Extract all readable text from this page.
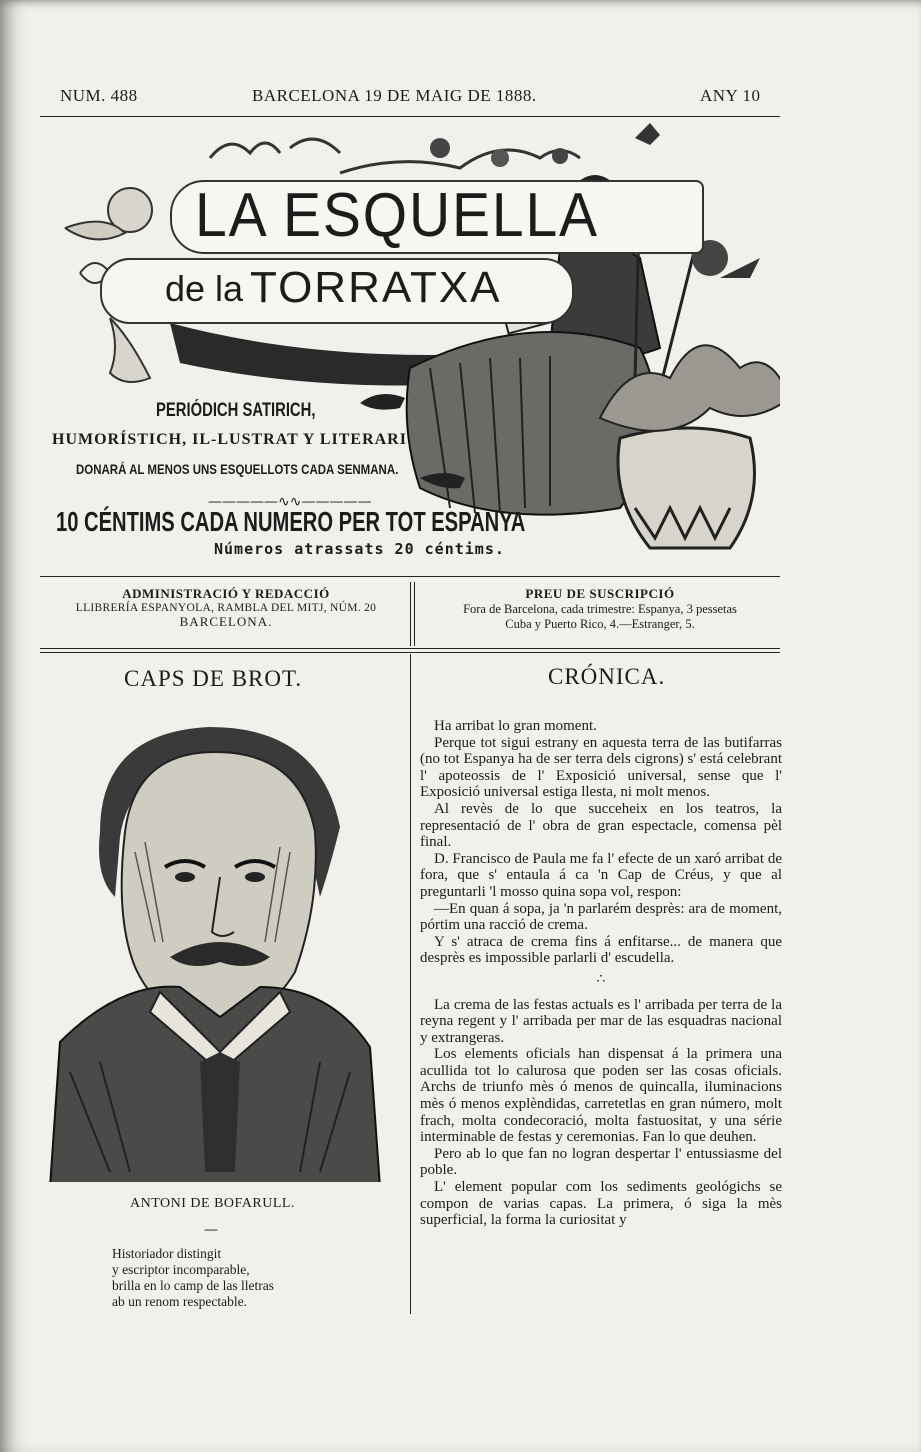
NUM. 488	BARCELONA 19 DE MAIG DE 1888.	ANY 10
LA ESQUELLA
de la TORRATXA
PERIÓDICH SATIRICH,
HUMORÍSTICH, IL-LUSTRAT Y LITERARI
DONARÁ AL MENOS UNS ESQUELLOTS CADA SENMANA.
—————∿∿—————
10 CÉNTIMS CADA NUMERO PER TOT ESPANYA
Números atrassats 20 céntims.
ADMINISTRACIÓ Y REDACCIÓ
LLIBRERÍA ESPANYOLA, RAMBLA DEL MITJ, NÚM. 20
BARCELONA.
PREU DE SUSCRIPCIÓ
Fora de Barcelona, cada trimestre: Espanya, 3 pessetas
Cuba y Puerto Rico, 4.—Estranger, 5.
CAPS DE BROT.
ANTONI DE BOFARULL.
—
Historiador distingit
y escriptor incomparable,
brilla en lo camp de las lletras
ab un renom respectable.
CRÓNICA.

Ha arribat lo gran moment.

Perque tot sigui estrany en aquesta terra de las butifarras (no tot Espanya ha de ser terra dels cigrons) s' está celebrant l' apoteossis de l' Exposició universal, sense que l' Exposició universal estiga llesta, ni molt menos.

Al revès de lo que succeheix en los teatros, la representació de l' obra de gran espectacle, comensa pèl final.

D. Francisco de Paula me fa l' efecte de un xaró arribat de fora, que s' entaula á ca 'n Cap de Créus, y que al preguntarli 'l mosso quina sopa vol, respon:

—En quan á sopa, ja 'n parlarém desprès: ara de moment, pórtim una racció de crema.

Y s' atraca de crema fins á enfitarse... de manera que desprès es impossible parlarli d' escudella.

∴

La crema de las festas actuals es l' arribada per terra de la reyna regent y l' arribada per mar de las esquadras nacional y extrangeras.

Los elements oficials han dispensat á la primera una acullida tot lo calurosa que poden ser las cosas oficials. Archs de triunfo mès ó menos de quincalla, iluminacions mès ó menos explèndidas, carretetlas en gran número, molt frach, molta condecoració, molta fastuositat, y una série interminable de festas y ceremonias. Fan lo que deuhen.

Pero ab lo que fan no logran despertar l' entussiasme del poble.

L' element popular com los sediments geológichs se compon de varias capas. La primera, ó siga la mès superficial, la forma la curiositat y
